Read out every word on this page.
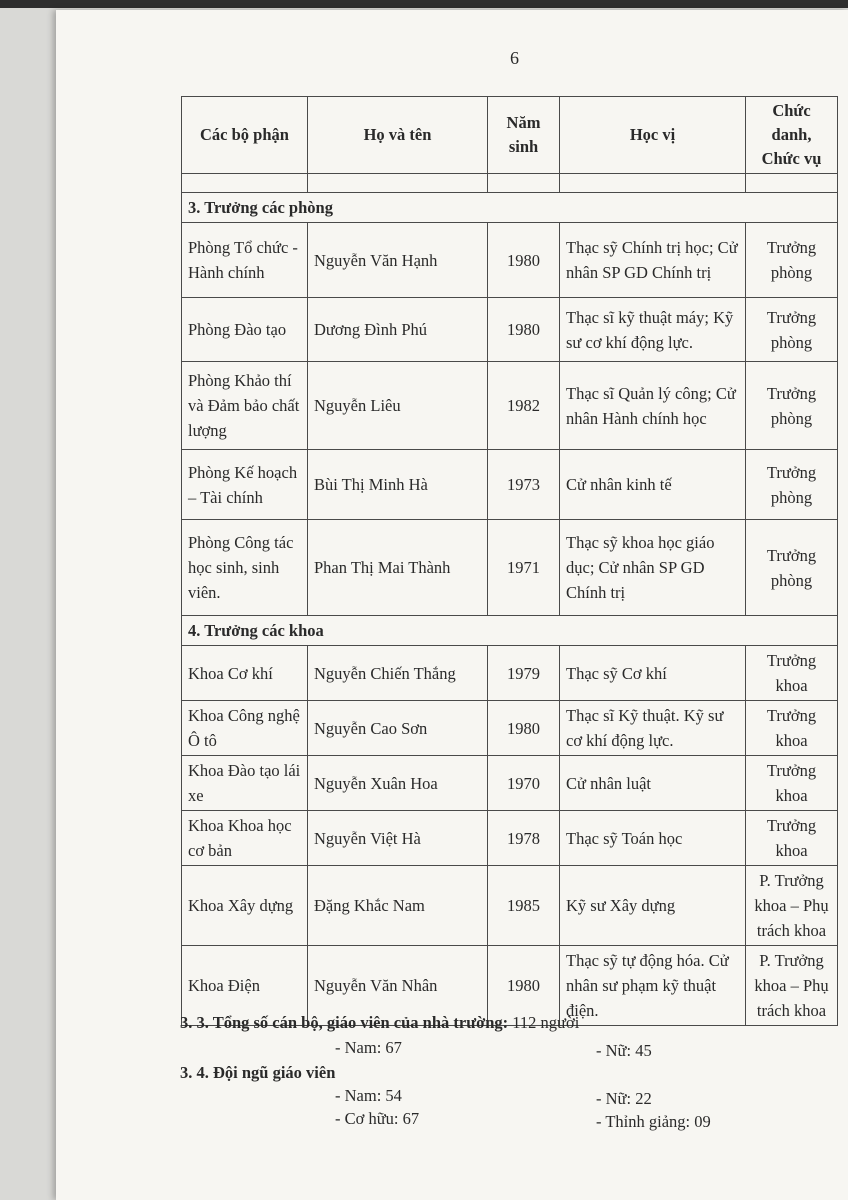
6
Các bộ phận	Họ và tên	Năm sinh	Học vị	Chức danh, Chức vụ

3. Trưởng các phòng				
Phòng Tổ chức - Hành chính	Nguyễn Văn Hạnh	1980	Thạc sỹ Chính trị học; Cử nhân SP GD Chính trị	Trưởng phòng
Phòng Đào tạo	Dương Đình Phú	1980	Thạc sĩ kỹ thuật máy; Kỹ sư cơ khí động lực.	Trưởng phòng
Phòng Khảo thí và Đảm bảo chất lượng	Nguyễn Liêu	1982	Thạc sĩ Quản lý công; Cử nhân Hành chính học	Trưởng phòng
Phòng Kế hoạch – Tài chính	Bùi Thị Minh Hà	1973	Cử nhân kinh tế	Trưởng phòng
Phòng Công tác học sinh, sinh viên.	Phan Thị Mai Thành	1971	Thạc sỹ khoa học giáo dục; Cử nhân SP GD Chính trị	Trưởng phòng
4. Trưởng các khoa				
Khoa Cơ khí	Nguyễn Chiến Thắng	1979	Thạc sỹ Cơ khí	Trưởng khoa
Khoa Công nghệ Ô tô	Nguyễn Cao Sơn	1980	Thạc sĩ Kỹ thuật. Kỹ sư cơ khí động lực.	Trưởng khoa
Khoa Đào tạo lái xe	Nguyễn Xuân Hoa	1970	Cử nhân luật	Trưởng khoa
Khoa Khoa học cơ bản	Nguyễn Việt Hà	1978	Thạc sỹ Toán học	Trưởng khoa
Khoa Xây dựng	Đặng Khắc Nam	1985	Kỹ sư Xây dựng	P. Trưởng khoa – Phụ trách khoa
Khoa Điện	Nguyễn Văn Nhân	1980	Thạc sỹ tự động hóa. Cử nhân sư phạm kỹ thuật điện.	P. Trưởng khoa – Phụ trách khoa
3. 3. Tổng số cán bộ, giáo viên của nhà trường: 112 người
- Nam: 67	- Nữ: 45
3. 4. Đội ngũ giáo viên
- Nam: 54	- Nữ: 22
- Cơ hữu: 67	- Thỉnh giảng: 09
